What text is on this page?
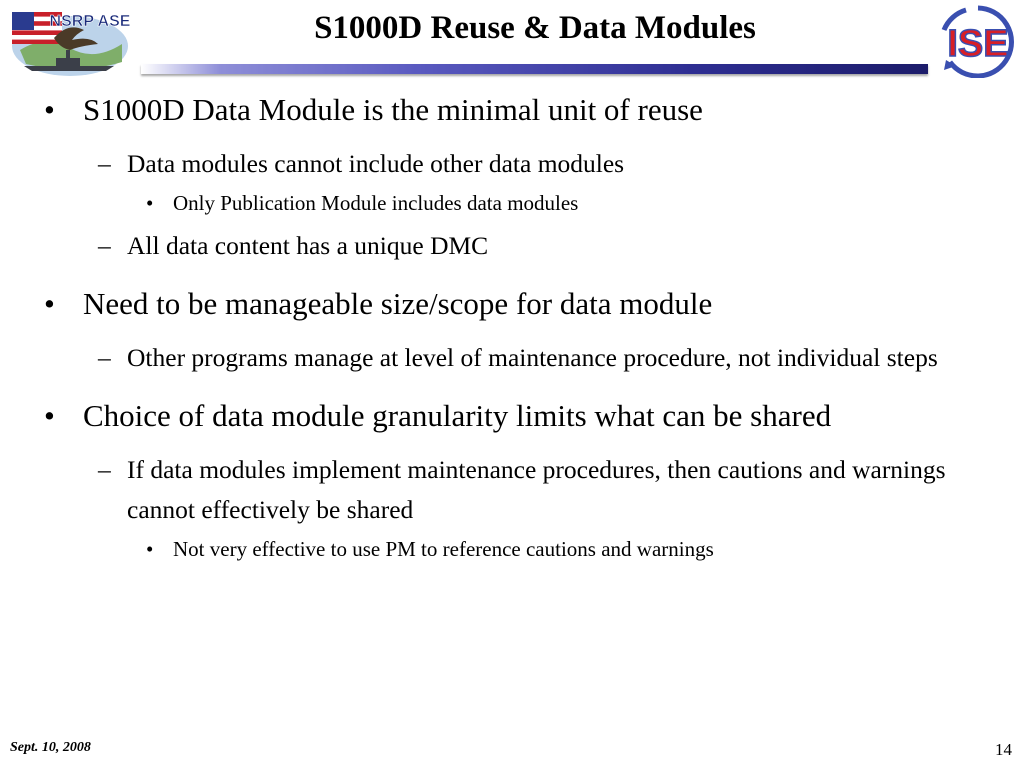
NSRP ASE	S1000D Reuse & Data Modules	ISE
• S1000D Data Module is the minimal unit of reuse
– Data modules cannot include other data modules
• Only Publication Module includes data modules
– All data content has a unique DMC
• Need to be manageable size/scope for data module
– Other programs manage at level of maintenance procedure, not individual steps
• Choice of data module granularity limits what can be shared
– If data modules implement maintenance procedures, then cautions and warnings cannot effectively be shared
• Not very effective to use PM to reference cautions and warnings
Sept. 10, 2008	14
